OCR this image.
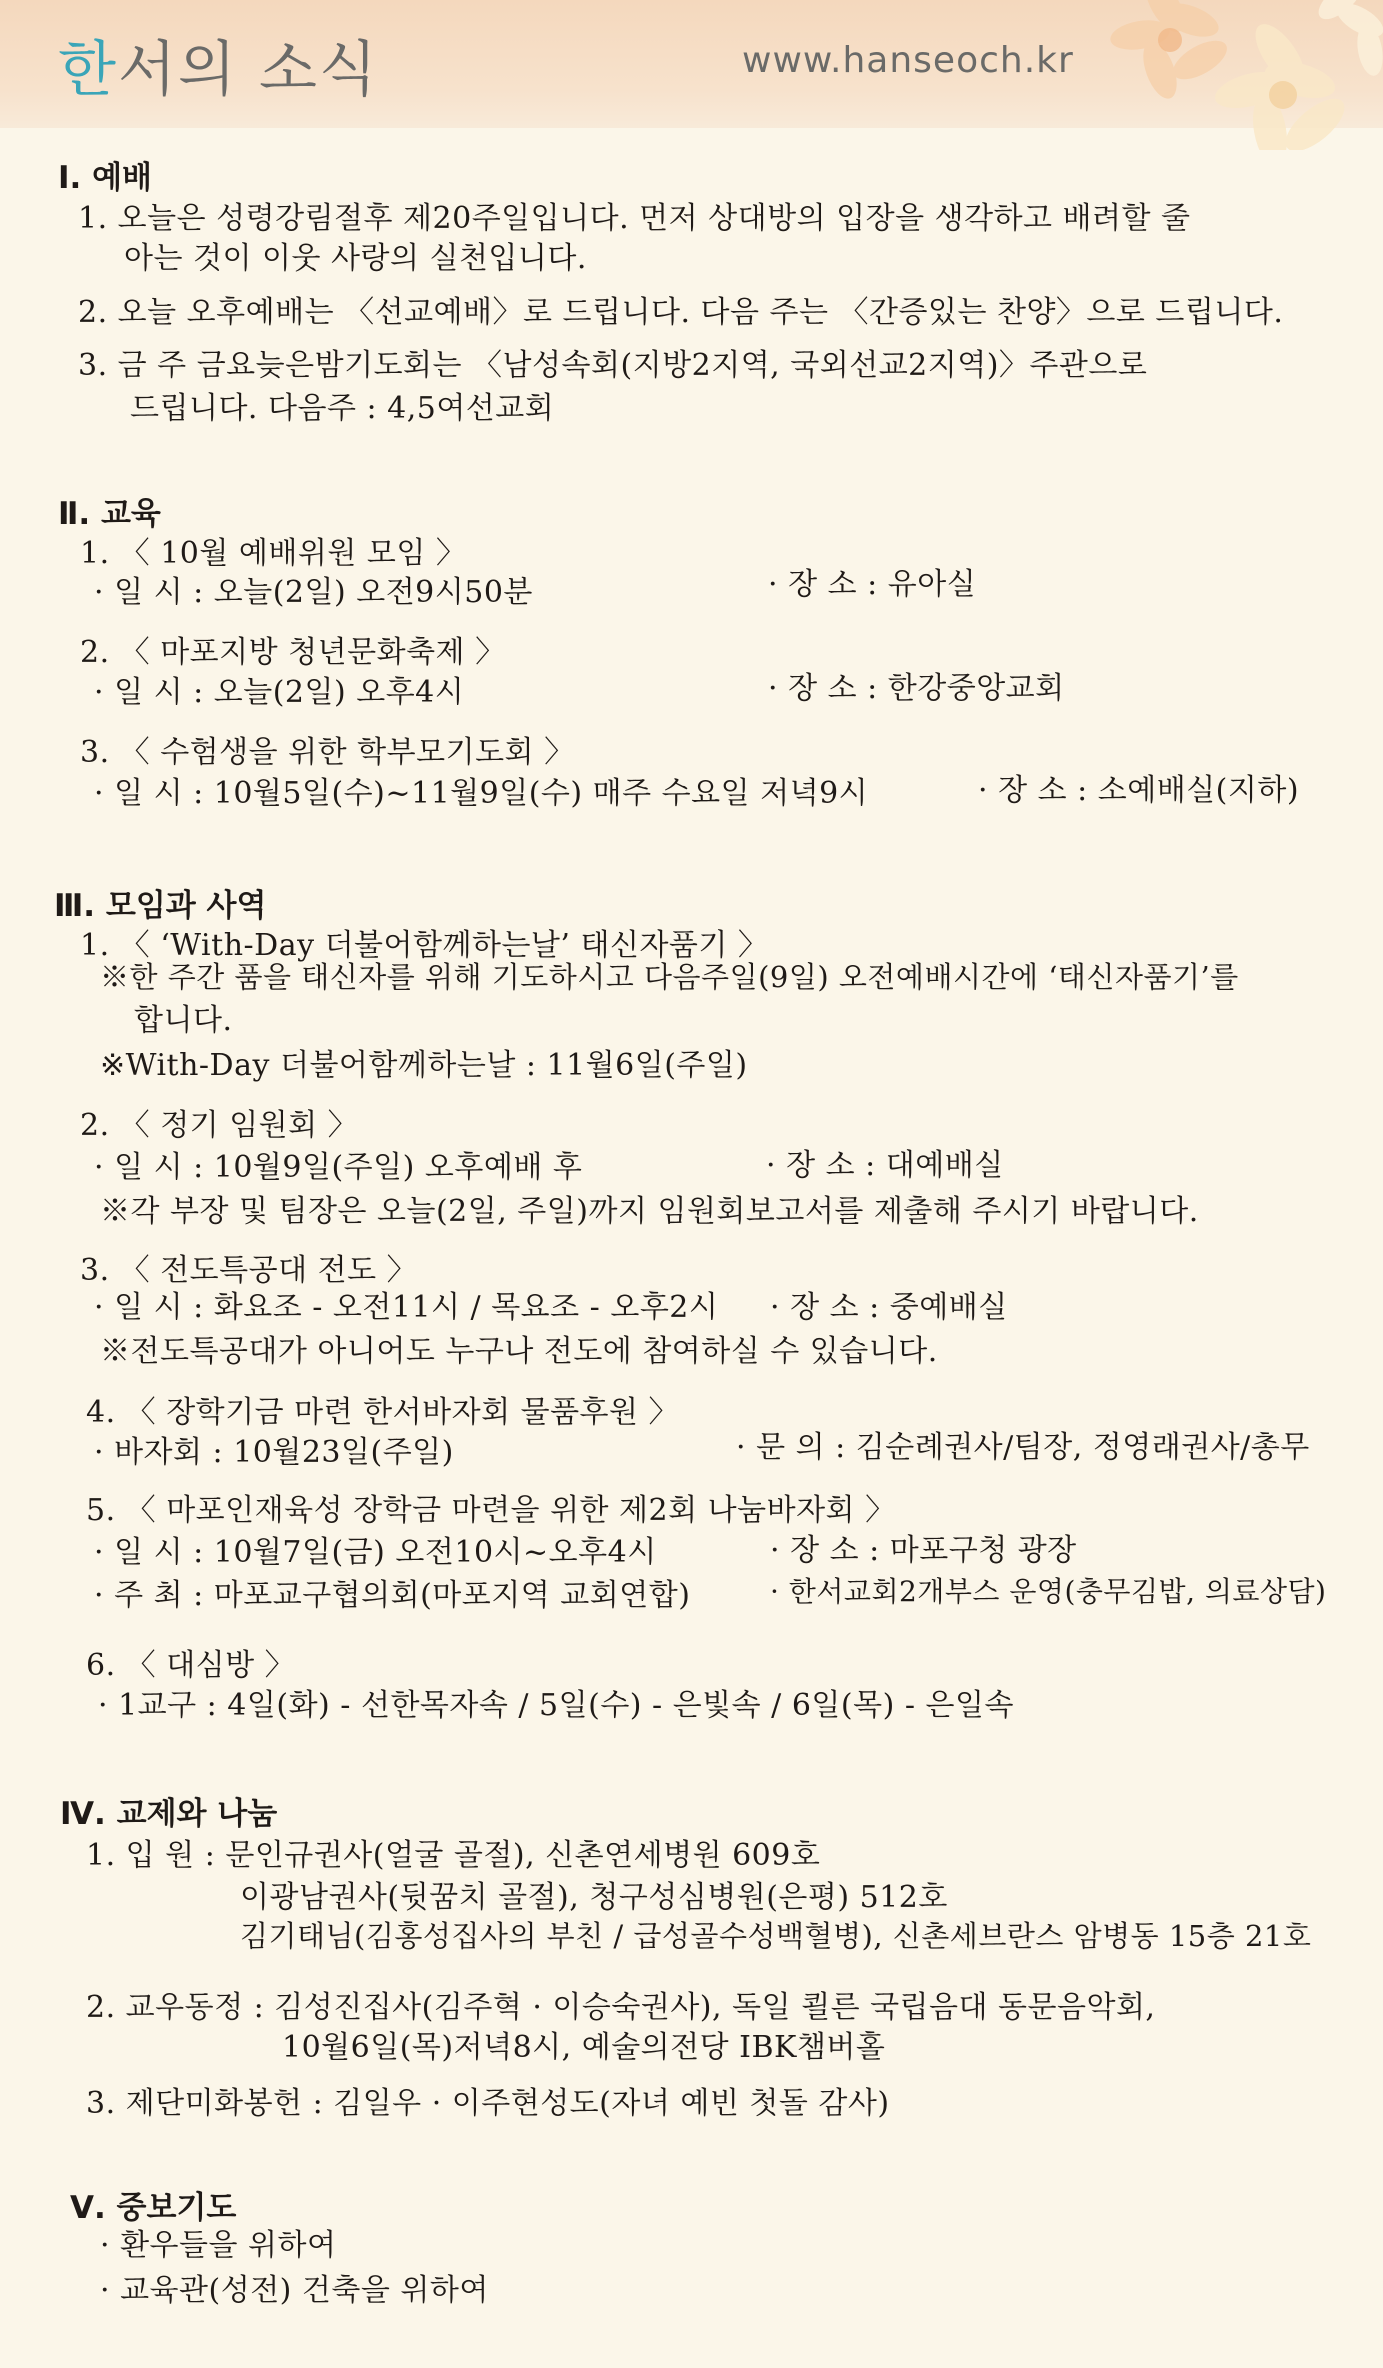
한서의 소식	www.hanseoch.kr
Ⅰ. 예배
1. 오늘은 성령강림절후 제20주일입니다. 먼저 상대방의 입장을 생각하고 배려할 줄
아는 것이 이웃 사랑의 실천입니다.
2. 오늘 오후예배는 〈선교예배〉로 드립니다. 다음 주는 〈간증있는 찬양〉으로 드립니다.
3. 금 주 금요늦은밤기도회는 〈남성속회(지방2지역, 국외선교2지역)〉주관으로
드립니다. 다음주 : 4,5여선교회
Ⅱ. 교육
1. 〈 10월 예배위원 모임 〉
· 일 시 : 오늘(2일) 오전9시50분	· 장 소 : 유아실
2. 〈 마포지방 청년문화축제 〉
· 일 시 : 오늘(2일) 오후4시	· 장 소 : 한강중앙교회
3. 〈 수험생을 위한 학부모기도회 〉
· 일 시 : 10월5일(수)~11월9일(수) 매주 수요일 저녁9시	· 장 소 : 소예배실(지하)
Ⅲ. 모임과 사역
1. 〈 ‘With-Day 더불어함께하는날’ 태신자품기 〉
※한 주간 품을 태신자를 위해 기도하시고 다음주일(9일) 오전예배시간에 ‘태신자품기’를
합니다.
※With-Day 더불어함께하는날 : 11월6일(주일)
2. 〈 정기 임원회 〉
· 일 시 : 10월9일(주일) 오후예배 후	· 장 소 : 대예배실
※각 부장 및 팀장은 오늘(2일, 주일)까지 임원회보고서를 제출해 주시기 바랍니다.
3. 〈 전도특공대 전도 〉
· 일 시 : 화요조 - 오전11시 / 목요조 - 오후2시 · 장 소 : 중예배실
※전도특공대가 아니어도 누구나 전도에 참여하실 수 있습니다.
4. 〈 장학기금 마련 한서바자회 물품후원 〉
· 바자회 : 10월23일(주일)	· 문 의 : 김순례권사/팀장, 정영래권사/총무
5. 〈 마포인재육성 장학금 마련을 위한 제2회 나눔바자회 〉
· 일 시 : 10월7일(금) 오전10시~오후4시	· 장 소 : 마포구청 광장
· 주 최 : 마포교구협의회(마포지역 교회연합)	· 한서교회2개부스 운영(충무김밥, 의료상담)
6. 〈 대심방 〉
· 1교구 : 4일(화) - 선한목자속 / 5일(수) - 은빛속 / 6일(목) - 은일속
Ⅳ. 교제와 나눔
1. 입 원 : 문인규권사(얼굴 골절), 신촌연세병원 609호
이광남권사(뒷꿈치 골절), 청구성심병원(은평) 512호
김기태님(김홍성집사의 부친 / 급성골수성백혈병), 신촌세브란스 암병동 15층 21호
2. 교우동정 : 김성진집사(김주혁 · 이승숙권사), 독일 쾰른 국립음대 동문음악회,
10월6일(목)저녁8시, 예술의전당 IBK챔버홀
3. 제단미화봉헌 : 김일우 · 이주현성도(자녀 예빈 첫돌 감사)
Ⅴ. 중보기도
· 환우들을 위하여
· 교육관(성전) 건축을 위하여
